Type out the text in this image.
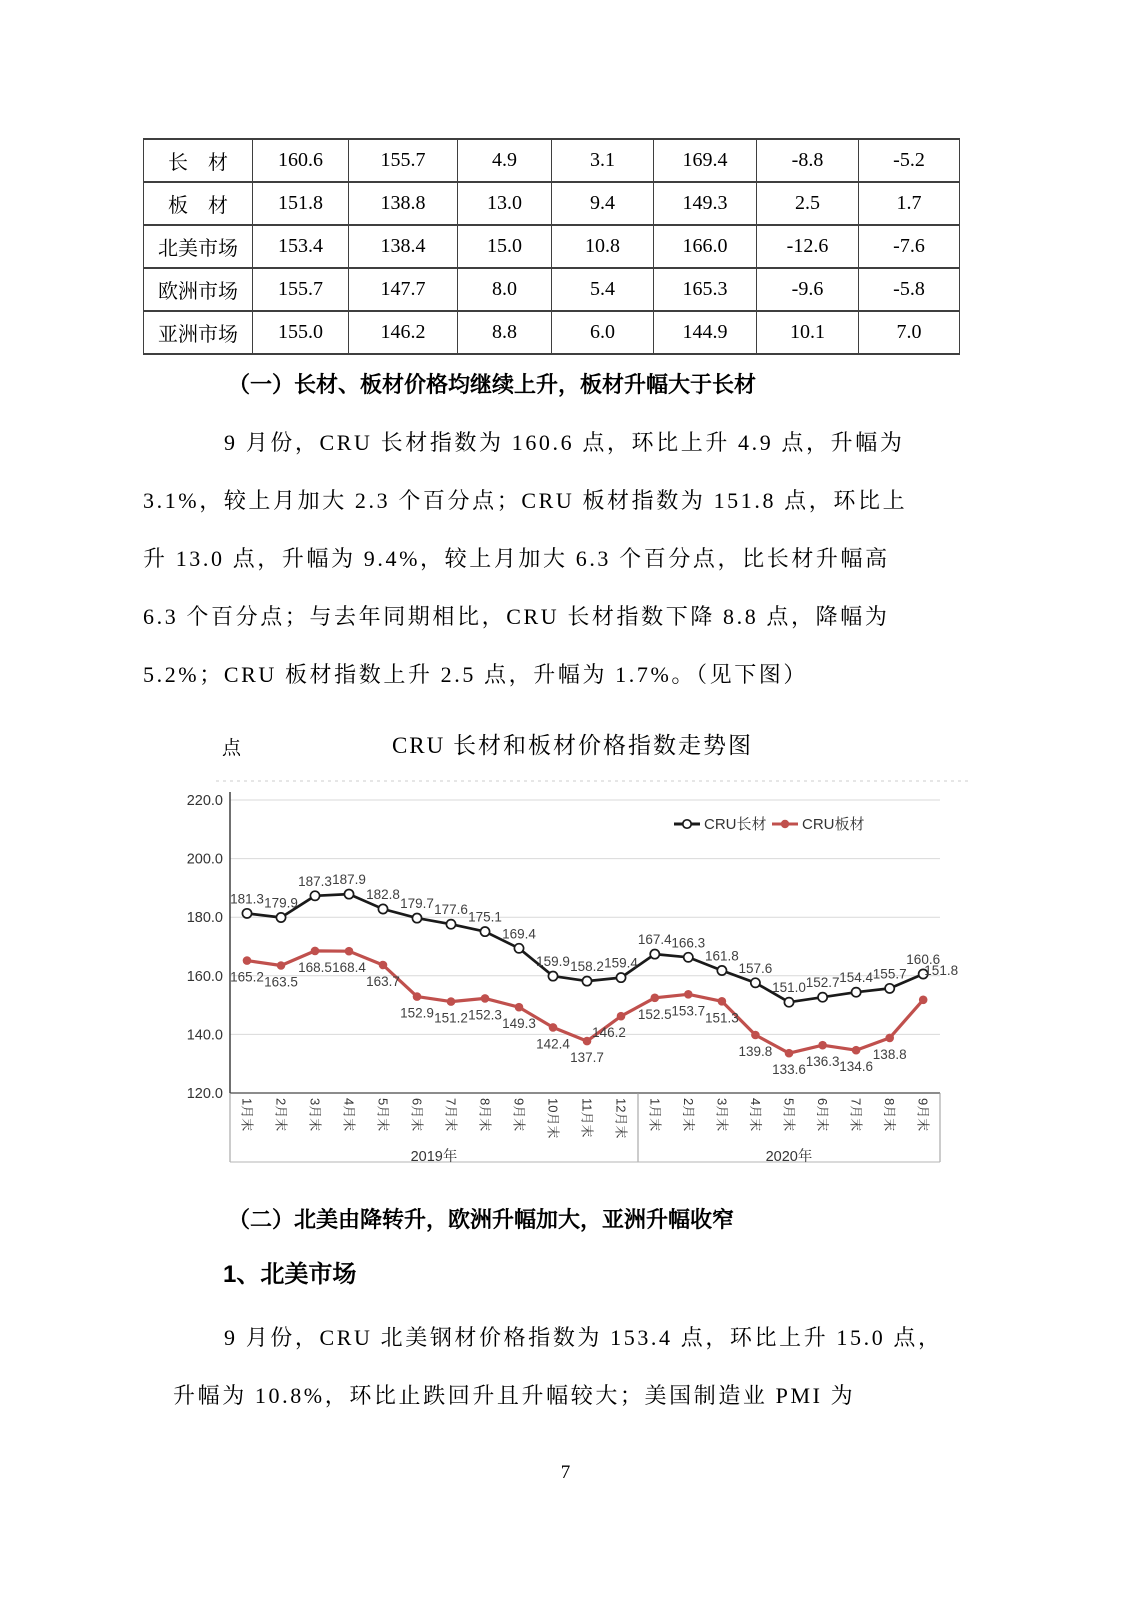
长　材	160.6	155.7	4.9	3.1	169.4	-8.8	-5.2
板　材	151.8	138.8	13.0	9.4	149.3	2.5	1.7
北美市场	153.4	138.4	15.0	10.8	166.0	-12.6	-7.6
欧洲市场	155.7	147.7	8.0	5.4	165.3	-9.6	-5.8
亚洲市场	155.0	146.2	8.8	6.0	144.9	10.1	7.0
（一）长材、板材价格均继续上升，板材升幅大于长材
9 月份，CRU 长材指数为 160.6 点，环比上升 4.9 点，升幅为
3.1%，较上月加大 2.3 个百分点；CRU 板材指数为 151.8 点，环比上
升 13.0 点，升幅为 9.4%，较上月加大 6.3 个百分点，比长材升幅高
6.3 个百分点；与去年同期相比，CRU 长材指数下降 8.8 点，降幅为
5.2%；CRU 板材指数上升 2.5 点，升幅为 1.7%。（见下图）
点	CRU 长材和板材价格指数走势图
220.0
200.0
180.0
160.0
140.0
120.0
1月末 2月末 3月末 4月末 5月末 6月末 7月末 8月末 9月末 10月末 11月末 12月末 1月末 2月末 3月末 4月末 5月末 6月末 7月末 8月末 9月末
2019年	2020年
181.3 179.9
187.3 187.9
182.8
179.7 177.6 175.1
169.4
159.9 158.2 159.4
167.4 166.3
161.8
157.6
151.0 152.7 154.4 155.7
160.6
165.2 163.5
168.5 168.4
163.7
152.9 151.2 152.3
149.3
142.4
137.7
146.2
152.5 153.7 151.3
139.8
133.6
136.3 134.6
138.8
151.8
CRU长材 CRU板材
（二）北美由降转升，欧洲升幅加大，亚洲升幅收窄
1、北美市场
9 月份，CRU 北美钢材价格指数为 153.4 点，环比上升 15.0 点，
升幅为 10.8%，环比止跌回升且升幅较大；美国制造业 PMI 为
7
